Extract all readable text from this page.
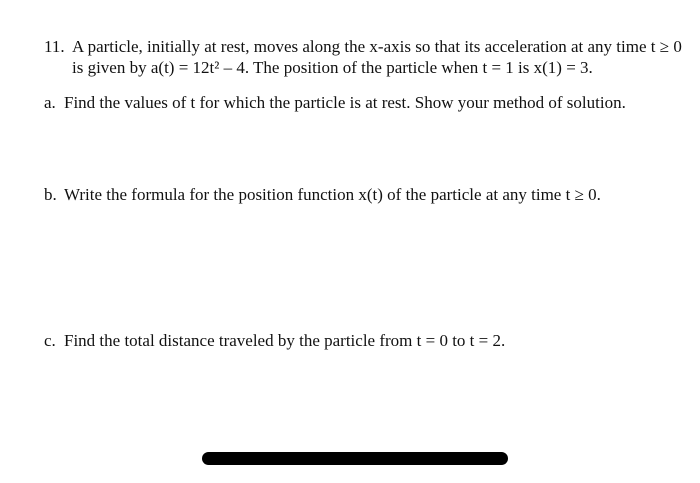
11. A particle, initially at rest, moves along the x-axis so that its acceleration at any time t ≥ 0
is given by a(t) = 12t² – 4. The position of the particle when t = 1 is x(1) = 3.
a. Find the values of t for which the particle is at rest. Show your method of solution.
b. Write the formula for the position function x(t) of the particle at any time t ≥ 0.
c. Find the total distance traveled by the particle from t = 0 to t = 2.
